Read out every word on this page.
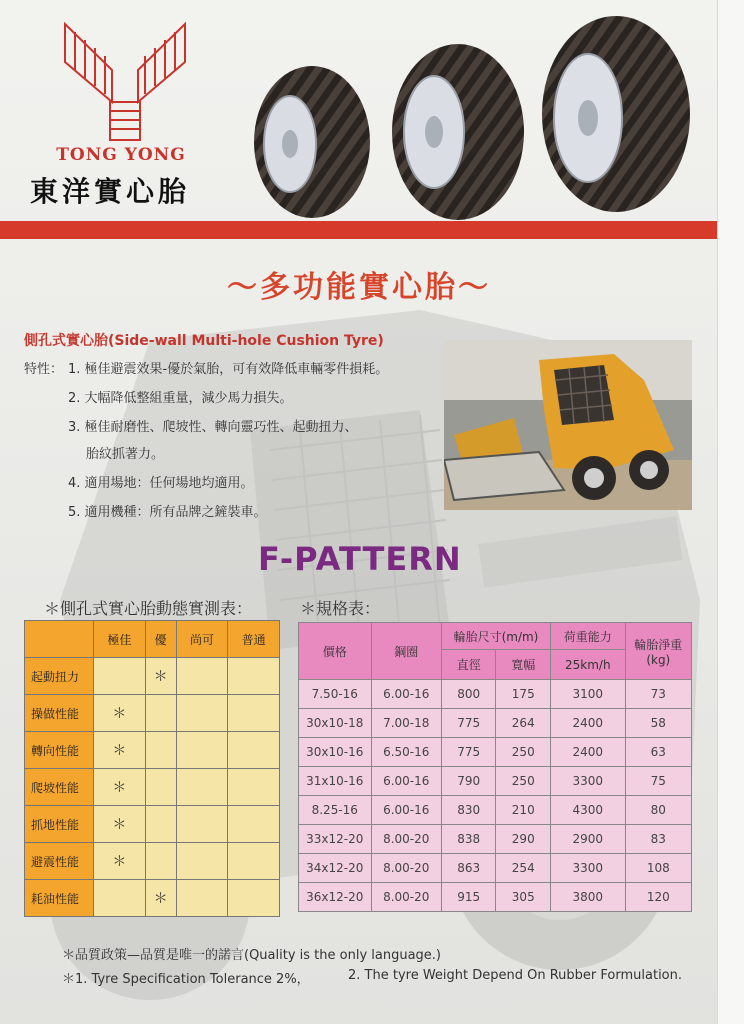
TONG YONG
東洋實心胎
～多功能實心胎～
側孔式實心胎(Side-wall Multi-hole Cushion Tyre)
特性： 1. 極佳避震效果-優於氣胎，可有效降低車輛零件損耗。
2. 大幅降低整組重量，減少馬力損失。
3. 極佳耐磨性、爬坡性、轉向靈巧性、起動扭力、
胎紋抓著力。
4. 適用場地：任何場地均適用。
5. 適用機種：所有品牌之鏟裝車。
F-PATTERN
＊側孔式實心胎動態實測表：	＊規格表：
	極佳	優	尚可	普通
起動扭力		＊		
操做性能	＊			
轉向性能	＊			
爬坡性能	＊			
抓地性能	＊			
避震性能	＊			
耗油性能		＊		
價格	鋼圈	輪胎尺寸(m/m)		荷重能力	輪胎淨重
(kg)

		直徑	寬幅	25km/h	
7.50-16	6.00-16	800	175	3100	73
30x10-18	7.00-18	775	264	2400	58
30x10-16	6.50-16	775	250	2400	63
31x10-16	6.00-16	790	250	3300	75
8.25-16	6.00-16	830	210	4300	80
33x12-20	8.00-20	838	290	2900	83
34x12-20	8.00-20	863	254	3300	108
36x12-20	8.00-20	915	305	3800	120
＊品質政策—品質是唯一的諾言(Quality is the only language.)
＊1. Tyre Specification Tolerance 2%，	2. The tyre Weight Depend On Rubber Formulation.
